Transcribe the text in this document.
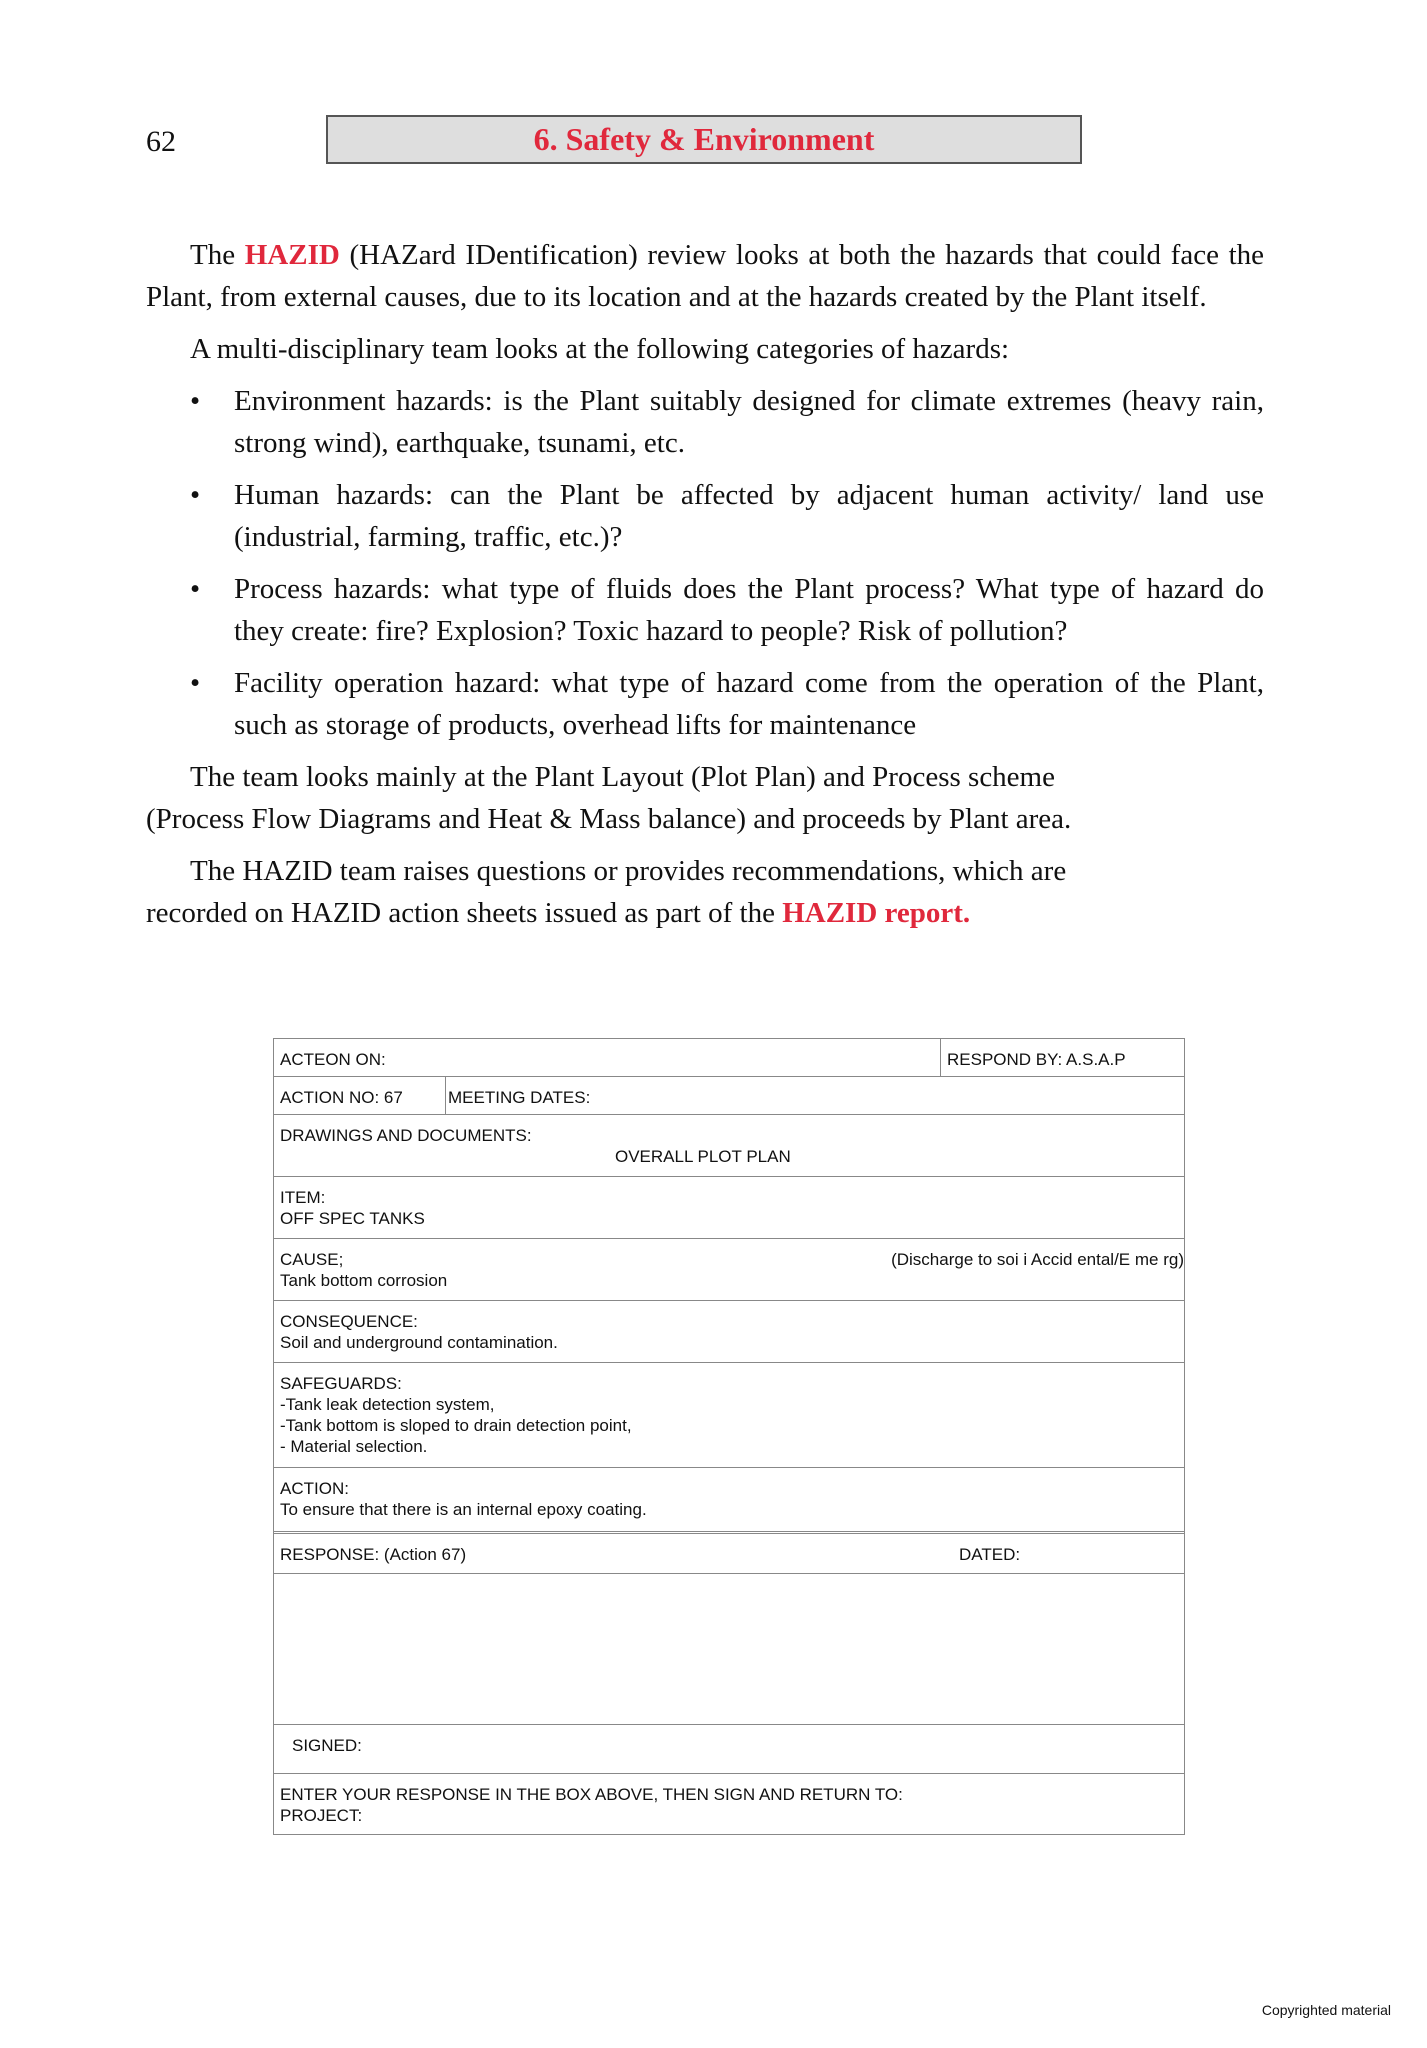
62	6. Safety & Environment

The HAZID (HAZard IDentification) review looks at both the hazards that could face the Plant, from external causes, due to its location and at the hazards created by the Plant itself.

A multi-disciplinary team looks at the following categories of hazards:

• Environment hazards: is the Plant suitably designed for climate extremes (heavy rain, strong wind), earthquake, tsunami, etc.
• Human hazards: can the Plant be affected by adjacent human activity/ land use (industrial, farming, traffic, etc.)?
• Process hazards: what type of fluids does the Plant process? What type of hazard do they create: fire? Explosion? Toxic hazard to people? Risk of pollution?
• Facility operation hazard: what type of hazard come from the operation of the Plant, such as storage of products, overhead lifts for maintenance

The team looks mainly at the Plant Layout (Plot Plan) and Process scheme

(Process Flow Diagrams and Heat & Mass balance) and proceeds by Plant area.

The HAZID team raises questions or provides recommendations, which are

recorded on HAZID action sheets issued as part of the HAZID report.

ACTEON ON:	RESPOND BY: A.S.A.P
ACTION NO: 67	MEETING DATES:
DRAWINGS AND DOCUMENTS:
OVERALL PLOT PLAN
ITEM:
OFF SPEC TANKS
CAUSE;
Tank bottom corrosion
(Discharge to soi i Accid ental/E me rg)
CONSEQUENCE:
Soil and underground contamination.
SAFEGUARDS:
-Tank leak detection system,
-Tank bottom is sloped to drain detection point,
- Material selection.
ACTION:
To ensure that there is an internal epoxy coating.
RESPONSE: (Action 67)	DATED:
SIGNED:
ENTER YOUR RESPONSE IN THE BOX ABOVE, THEN SIGN AND RETURN TO:
PROJECT:
Copyrighted material
